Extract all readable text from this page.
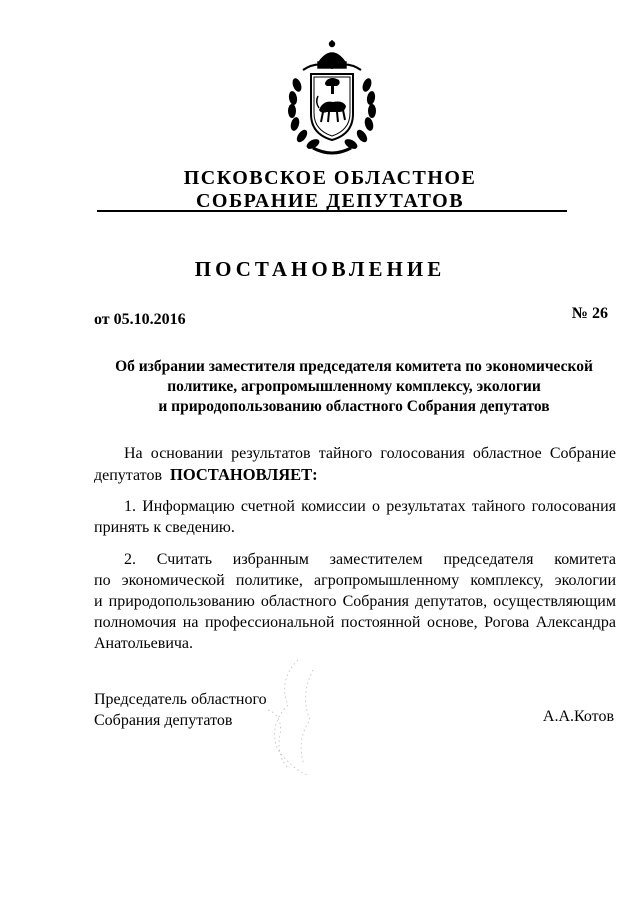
ПСКОВСКОЕ ОБЛАСТНОЕ
СОБРАНИЕ ДЕПУТАТОВ
ПОСТАНОВЛЕНИЕ
от 05.10.2016	№ 26
Об избрании заместителя председателя комитета по экономической
политике, агропромышленному комплексу, экологии
и природопользованию областного Собрания депутатов
На основании результатов тайного голосования областное Собрание
депутатов ПОСТАНОВЛЯЕТ:
1. Информацию счетной комиссии о результатах тайного голосования
принять к сведению.
2. Считать избранным заместителем председателя комитета
по экономической политике, агропромышленному комплексу, экологии
и природопользованию областного Собрания депутатов, осуществляющим
полномочия на профессиональной постоянной основе, Рогова Александра
Анатольевича.
Председатель областного
Собрания депутатов	А.А.Котов
